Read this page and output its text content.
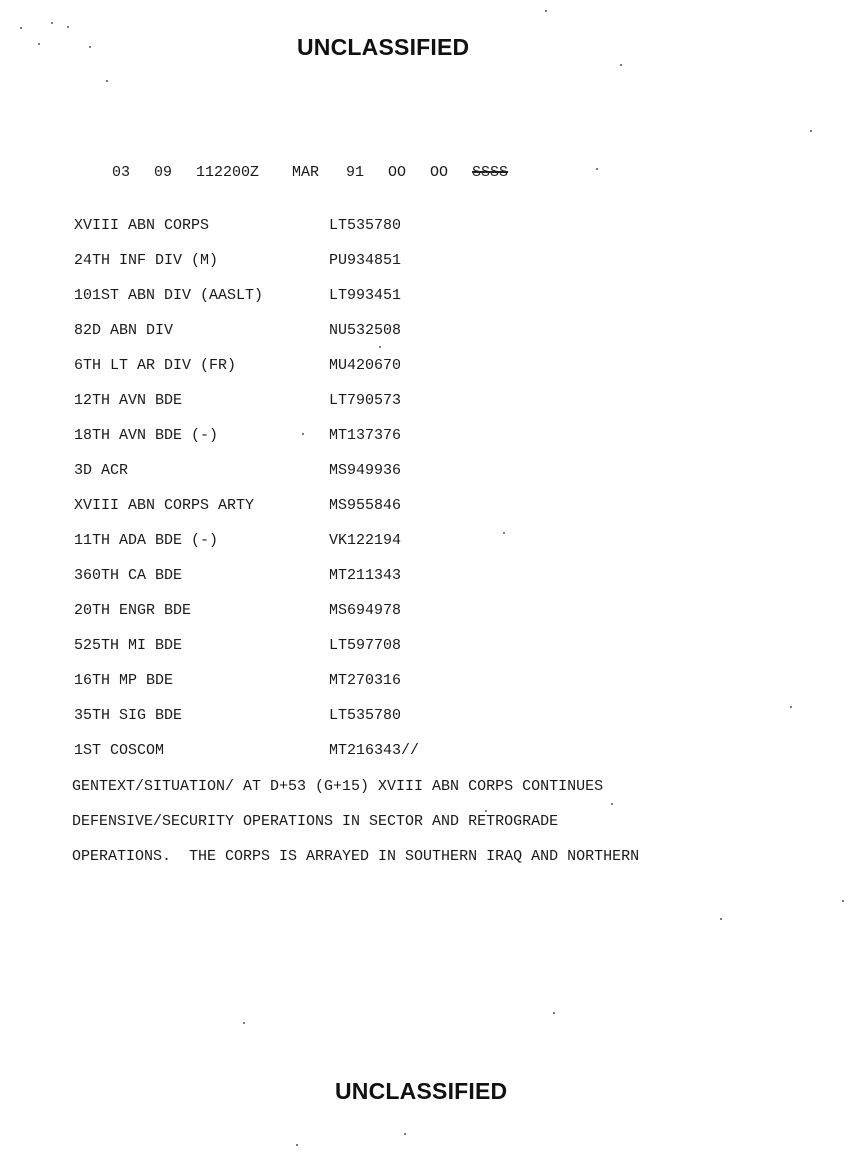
UNCLASSIFIED

03 09 112200Z MAR 91 OO OO SSSS

XVIII ABN CORPS	LT535780
24TH INF DIV (M)	PU934851
101ST ABN DIV (AASLT)	LT993451
82D ABN DIV	NU532508
6TH LT AR DIV (FR)	MU420670
12TH AVN BDE	LT790573
18TH AVN BDE (-)	MT137376
3D ACR	MS949936
XVIII ABN CORPS ARTY	MS955846
11TH ADA BDE (-)	VK122194
360TH CA BDE	MT211343
20TH ENGR BDE	MS694978
525TH MI BDE	LT597708
16TH MP BDE	MT270316
35TH SIG BDE	LT535780
1ST COSCOM	MT216343//
GENTEXT/SITUATION/ AT D+53 (G+15) XVIII ABN CORPS CONTINUES
DEFENSIVE/SECURITY OPERATIONS IN SECTOR AND RETROGRADE
OPERATIONS.  THE CORPS IS ARRAYED IN SOUTHERN IRAQ AND NORTHERN
UNCLASSIFIED
